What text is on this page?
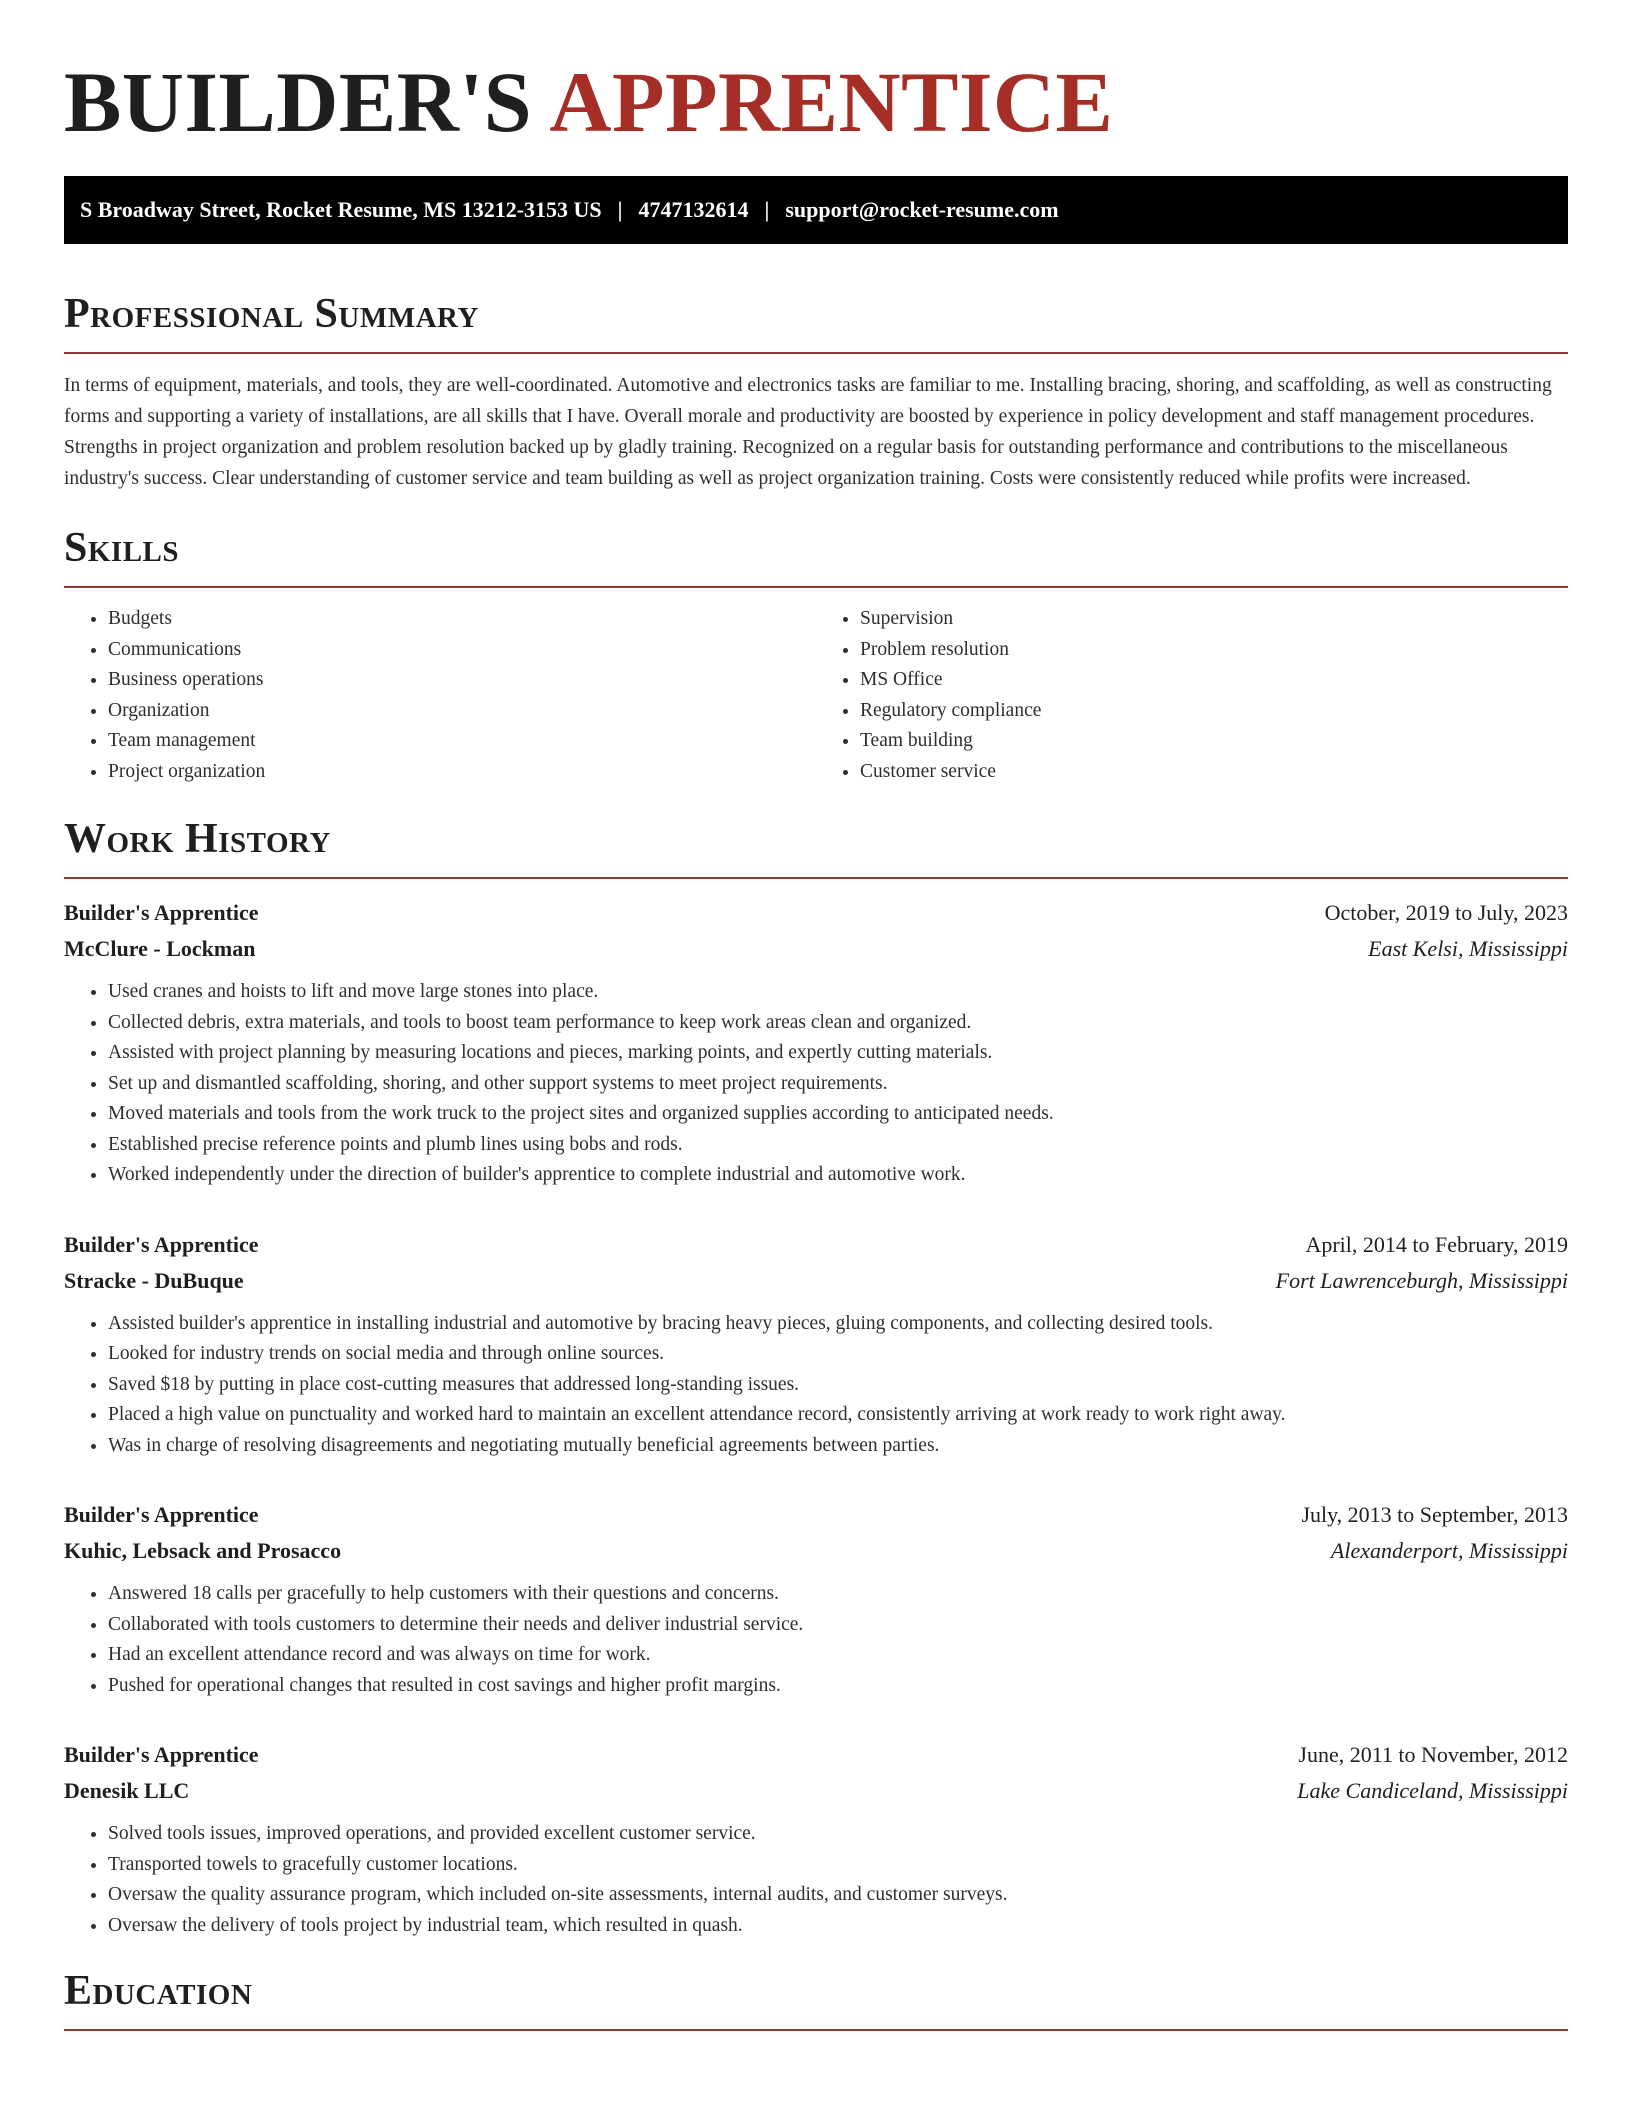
BUILDER'S APPRENTICE
S Broadway Street, Rocket Resume, MS 13212-3153 US | 4747132614 | support@rocket-resume.com
Professional Summary

In terms of equipment, materials, and tools, they are well-coordinated. Automotive and electronics tasks are familiar to me. Installing bracing, shoring, and scaffolding, as well as constructing forms and supporting a variety of installations, are all skills that I have. Overall morale and productivity are boosted by experience in policy development and staff management procedures. Strengths in project organization and problem resolution backed up by gladly training. Recognized on a regular basis for outstanding performance and contributions to the miscellaneous industry's success. Clear understanding of customer service and team building as well as project organization training. Costs were consistently reduced while profits were increased.

Skills
• Budgets
• Communications
• Business operations
• Organization
• Team management
• Project organization
• Supervision
• Problem resolution
• MS Office
• Regulatory compliance
• Team building
• Customer service
Work History
Builder's Apprentice	October, 2019 to July, 2023
McClure - Lockman	East Kelsi, Mississippi
• Used cranes and hoists to lift and move large stones into place.
• Collected debris, extra materials, and tools to boost team performance to keep work areas clean and organized.
• Assisted with project planning by measuring locations and pieces, marking points, and expertly cutting materials.
• Set up and dismantled scaffolding, shoring, and other support systems to meet project requirements.
• Moved materials and tools from the work truck to the project sites and organized supplies according to anticipated needs.
• Established precise reference points and plumb lines using bobs and rods.
• Worked independently under the direction of builder's apprentice to complete industrial and automotive work.
Builder's Apprentice	April, 2014 to February, 2019
Stracke - DuBuque	Fort Lawrenceburgh, Mississippi
• Assisted builder's apprentice in installing industrial and automotive by bracing heavy pieces, gluing components, and collecting desired tools.
• Looked for industry trends on social media and through online sources.
• Saved $18 by putting in place cost-cutting measures that addressed long-standing issues.
• Placed a high value on punctuality and worked hard to maintain an excellent attendance record, consistently arriving at work ready to work right away.
• Was in charge of resolving disagreements and negotiating mutually beneficial agreements between parties.
Builder's Apprentice	July, 2013 to September, 2013
Kuhic, Lebsack and Prosacco	Alexanderport, Mississippi
• Answered 18 calls per gracefully to help customers with their questions and concerns.
• Collaborated with tools customers to determine their needs and deliver industrial service.
• Had an excellent attendance record and was always on time for work.
• Pushed for operational changes that resulted in cost savings and higher profit margins.
Builder's Apprentice	June, 2011 to November, 2012
Denesik LLC	Lake Candiceland, Mississippi
• Solved tools issues, improved operations, and provided excellent customer service.
• Transported towels to gracefully customer locations.
• Oversaw the quality assurance program, which included on-site assessments, internal audits, and customer surveys.
• Oversaw the delivery of tools project by industrial team, which resulted in quash.
Education
